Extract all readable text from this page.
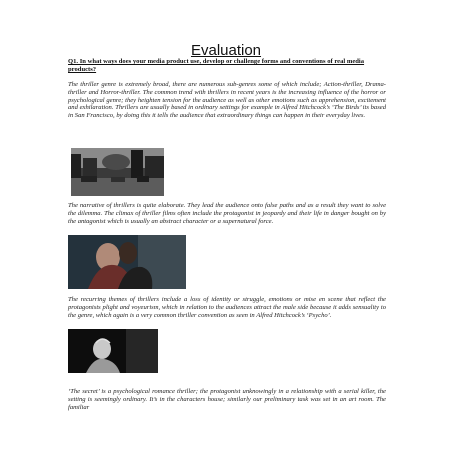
Evaluation
Q1. In what ways does your media product use, develop or challenge forms and conventions of real media products?
The thriller genre is extremely broad, there are numerous sub-genres some of which include; Action-thriller, Drama-thriller and Horror-thriller. The common trend with thrillers in recent years is the increasing influence of the horror or psychological genre; they heighten tension for the audience as well as other emotions such as apprehension, excitement and exhilaration. Thrillers are usually based in ordinary settings for example in Alfred Hitchcock’s ‘The Birds’ its based in San Francisco, by doing this it tells the audience that extraordinary things can happen in their everyday lives.
The narrative of thrillers is quite elaborate. They lead the audience onto false paths and as a result they want to solve the dilemma. The climax of thriller films often include the protagonist in jeopardy and their life in danger bought on by the antagonist which is usually an abstract character or a supernatural force.
The recurring themes of thrillers include a loss of identity or struggle, emotions or mise en scene that reflect the protagonists plight and voyeurism, which in relation to the audiences attract the male side because it adds sensuality to the genre, which again is a very common thriller convention as seen in Alfred Hitchcock’s ‘Psycho’.
‘The secret’ is a psychological romance thriller; the protagonist unknowingly in a relationship with a serial killer, the setting is seemingly ordinary. It’s in the characters house; similarly our preliminary task was set in an art room. The familiar
